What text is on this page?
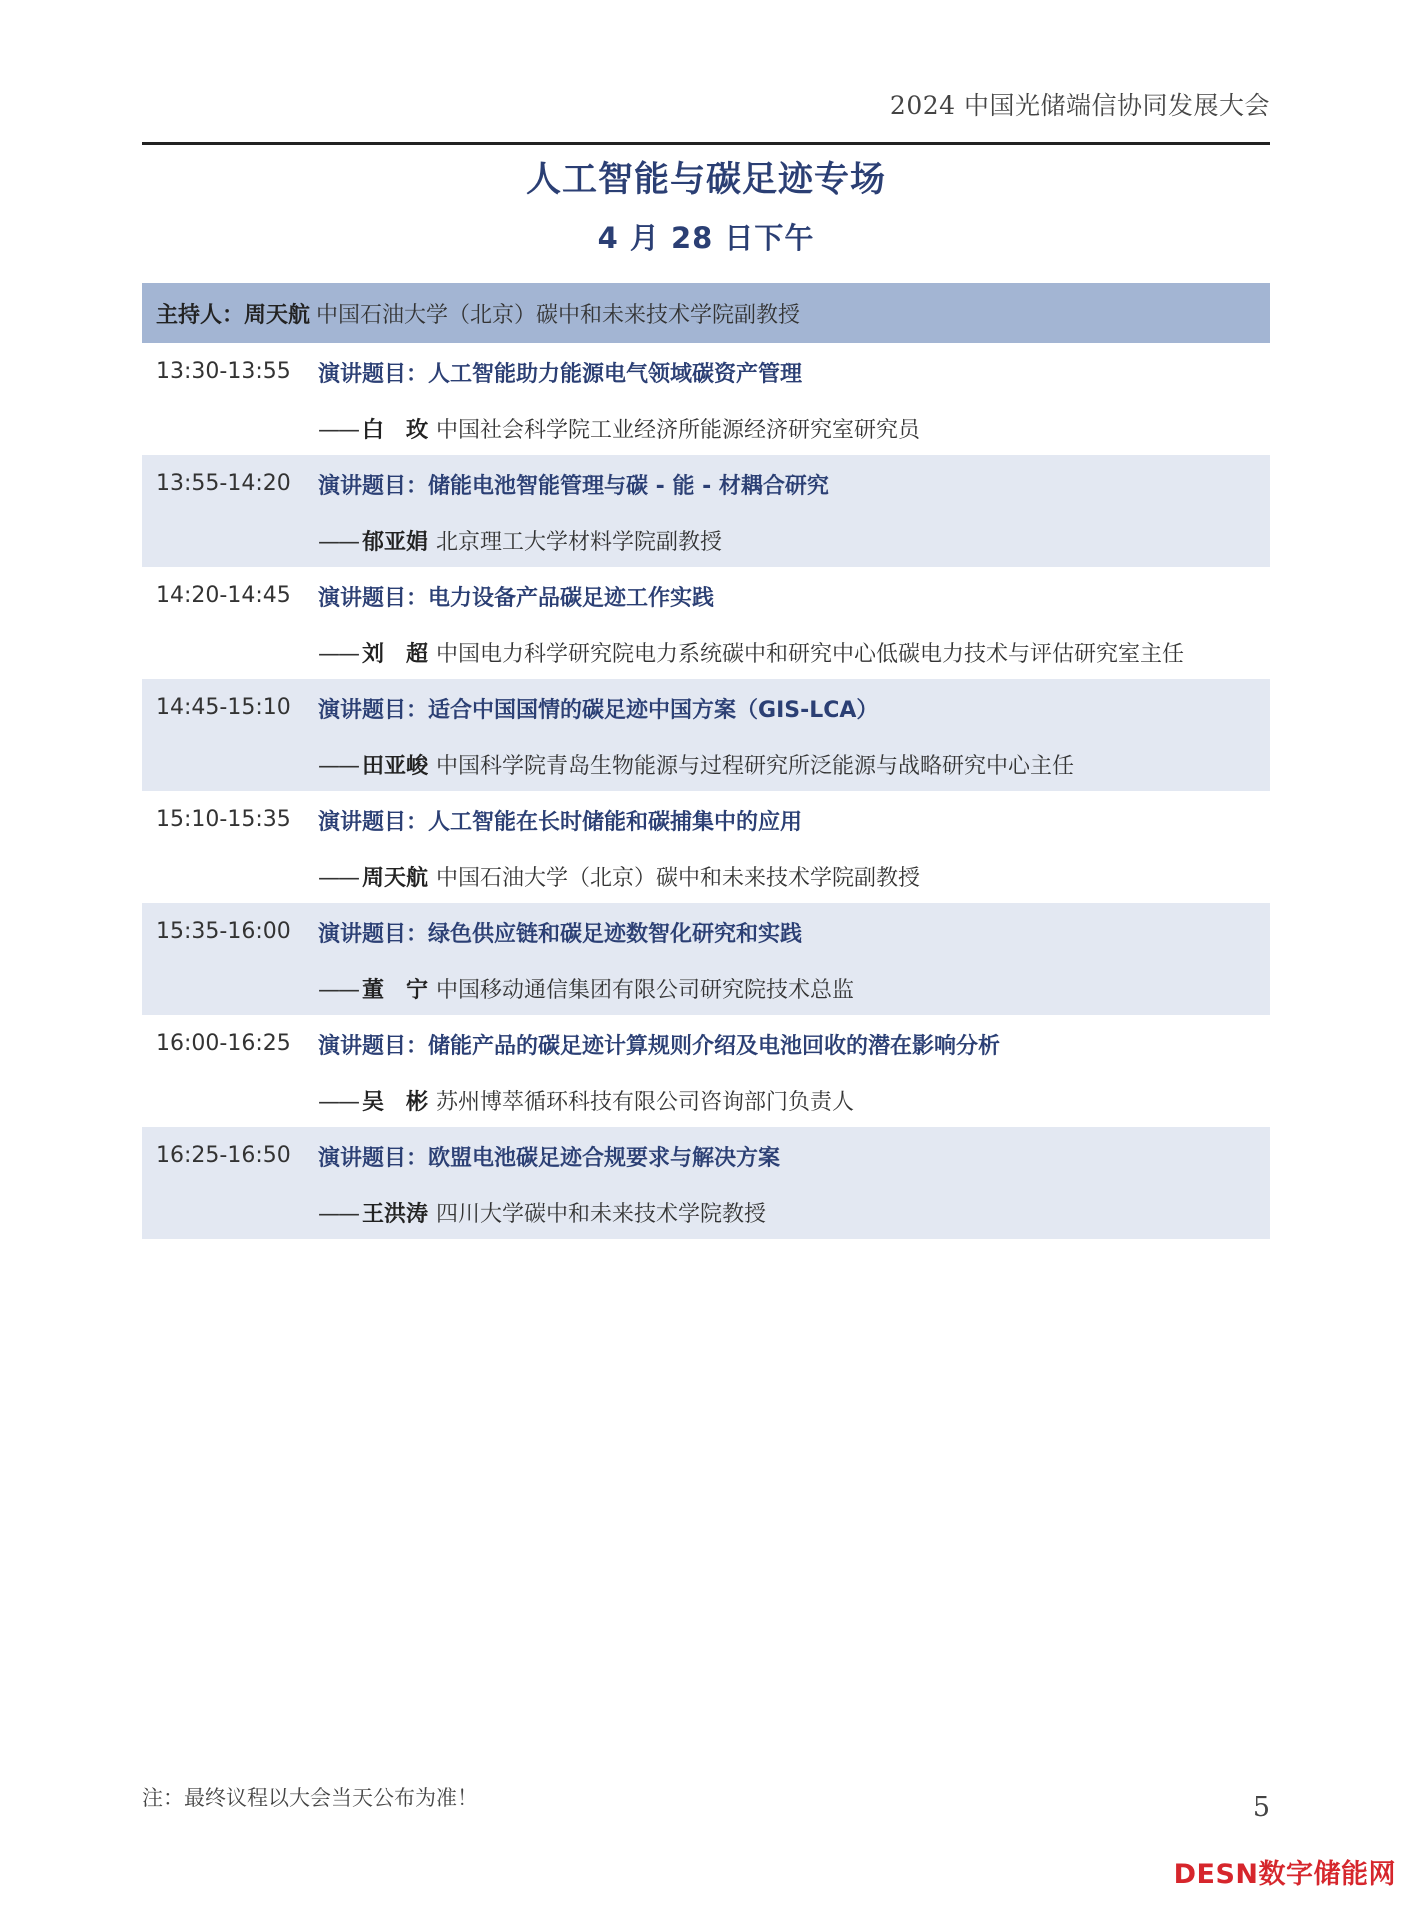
2024 中国光储端信协同发展大会
人工智能与碳足迹专场
4 月 28 日下午
主持人： 周天航 中国石油大学（北京）碳中和未来技术学院副教授
13:30-13:55 演讲题目：人工智能助力能源电气领域碳资产管理
—— 白　玫 中国社会科学院工业经济所能源经济研究室研究员
13:55-14:20 演讲题目：储能电池智能管理与碳 - 能 - 材耦合研究
—— 郁亚娟 北京理工大学材料学院副教授
14:20-14:45 演讲题目：电力设备产品碳足迹工作实践
—— 刘　超 中国电力科学研究院电力系统碳中和研究中心低碳电力技术与评估研究室主任
14:45-15:10 演讲题目：适合中国国情的碳足迹中国方案（GIS-LCA）
—— 田亚峻 中国科学院青岛生物能源与过程研究所泛能源与战略研究中心主任
15:10-15:35 演讲题目：人工智能在长时储能和碳捕集中的应用
—— 周天航 中国石油大学（北京）碳中和未来技术学院副教授
15:35-16:00 演讲题目：绿色供应链和碳足迹数智化研究和实践
—— 董　宁 中国移动通信集团有限公司研究院技术总监
16:00-16:25 演讲题目：储能产品的碳足迹计算规则介绍及电池回收的潜在影响分析
—— 吴　彬 苏州博萃循环科技有限公司咨询部门负责人
16:25-16:50 演讲题目：欧盟电池碳足迹合规要求与解决方案
—— 王洪涛 四川大学碳中和未来技术学院教授
注：最终议程以大会当天公布为准！	5
DESN数字储能网
